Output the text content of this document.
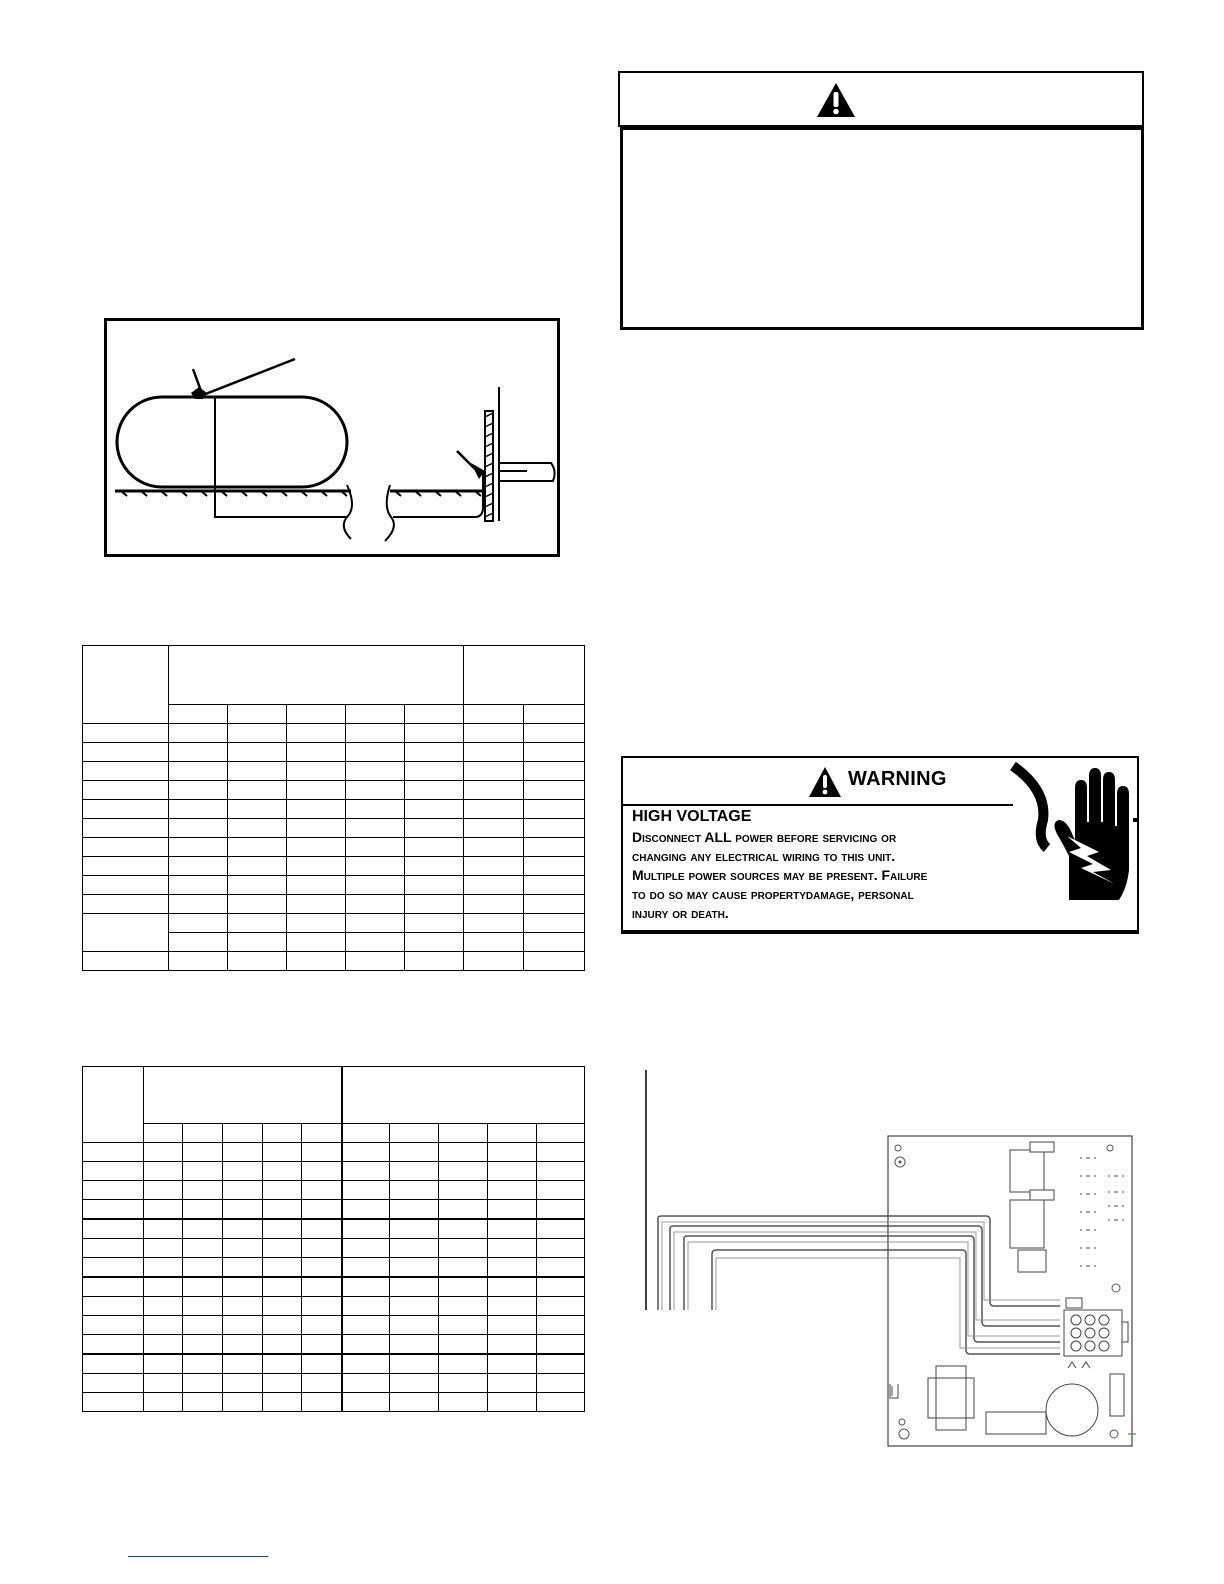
WARNING
HIGH VOLTAGE
Disconnect ALL power before servicing or
changing any electrical wiring to this unit.
Multiple power sources may be present. Failure
to do so may cause propertydamage, personal
injury or death.
